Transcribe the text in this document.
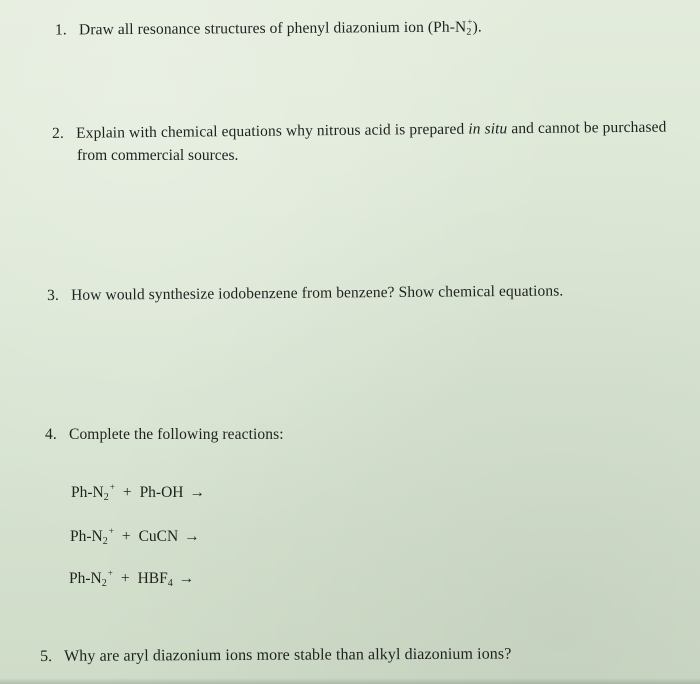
1. Draw all resonance structures of phenyl diazonium ion $(Ph-N_2^+)$.
2. Explain with chemical equations why nitrous acid is prepared in situ and cannot be purchased
from commercial sources.
3. How would synthesize iodobenzene from benzene? Show chemical equations.
4. Complete the following reactions:
$Ph-N_2^+ + Ph-OH$ →
$Ph-N_2^+$ + CuCN →
$Ph-N_2^+ + HBF_4$ →
5. Why are aryl diazonium ions more stable than alkyl diazonium ions?
